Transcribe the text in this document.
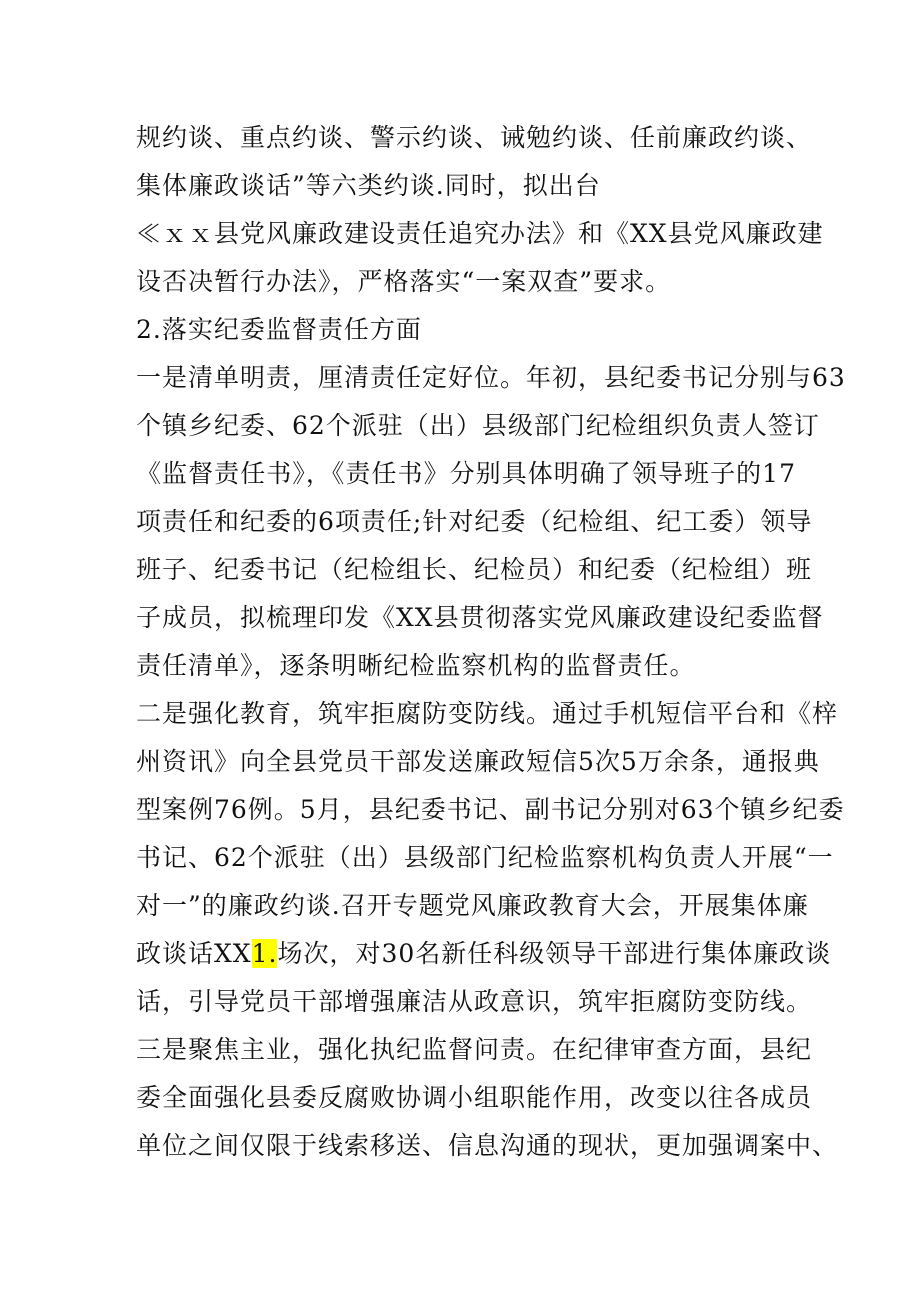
规约谈、重点约谈、警示约谈、诫勉约谈、任前廉政约谈、
集体廉政谈话”等六类约谈.同时，拟出台
≪ｘｘ县党风廉政建设责任追究办法》和《XX县党风廉政建
设否决暂行办法》，严格落实“一案双查”要求。
2.落实纪委监督责任方面
一是清单明责，厘清责任定好位。年初，县纪委书记分别与63
个镇乡纪委、62个派驻（出）县级部门纪检组织负责人签订
《监督责任书》，《责任书》分别具体明确了领导班子的17
项责任和纪委的6项责任;针对纪委（纪检组、纪工委）领导
班子、纪委书记（纪检组长、纪检员）和纪委（纪检组）班
子成员，拟梳理印发《XX县贯彻落实党风廉政建设纪委监督
责任清单》，逐条明晰纪检监察机构的监督责任。
二是强化教育，筑牢拒腐防变防线。通过手机短信平台和《梓
州资讯》向全县党员干部发送廉政短信5次5万余条，通报典
型案例76例。5月，县纪委书记、副书记分别对63个镇乡纪委
书记、62个派驻（出）县级部门纪检监察机构负责人开展“一
对一”的廉政约谈.召开专题党风廉政教育大会，开展集体廉
政谈话XX1.场次，对30名新任科级领导干部进行集体廉政谈
话，引导党员干部增强廉洁从政意识，筑牢拒腐防变防线。
三是聚焦主业，强化执纪监督问责。在纪律审查方面，县纪
委全面强化县委反腐败协调小组职能作用，改变以往各成员
单位之间仅限于线索移送、信息沟通的现状，更加强调案中、
